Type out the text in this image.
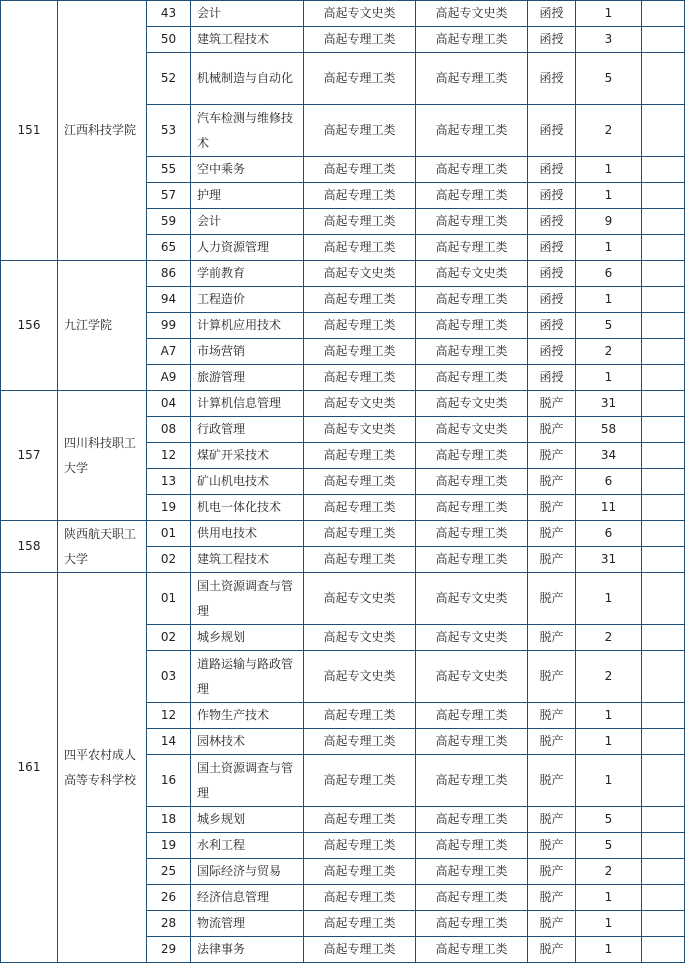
151	江西科技学院	43	会计	高起专文史类	高起专文史类	函授	1	
		50	建筑工程技术	高起专理工类	高起专理工类	函授	3	
		52	机械制造与自动化	高起专理工类	高起专理工类	函授	5	
		53	汽车检测与维修技术	高起专理工类	高起专理工类	函授	2	
		55	空中乘务	高起专理工类	高起专理工类	函授	1	
		57	护理	高起专理工类	高起专理工类	函授	1	
		59	会计	高起专理工类	高起专理工类	函授	9	
		65	人力资源管理	高起专理工类	高起专理工类	函授	1	
156	九江学院	86	学前教育	高起专文史类	高起专文史类	函授	6	
		94	工程造价	高起专理工类	高起专理工类	函授	1	
		99	计算机应用技术	高起专理工类	高起专理工类	函授	5	
		A7	市场营销	高起专理工类	高起专理工类	函授	2	
		A9	旅游管理	高起专理工类	高起专理工类	函授	1	
157	四川科技职工大学	04	计算机信息管理	高起专文史类	高起专文史类	脱产	31	
		08	行政管理	高起专文史类	高起专文史类	脱产	58	
		12	煤矿开采技术	高起专理工类	高起专理工类	脱产	34	
		13	矿山机电技术	高起专理工类	高起专理工类	脱产	6	
		19	机电一体化技术	高起专理工类	高起专理工类	脱产	11	
158	陕西航天职工大学	01	供用电技术	高起专理工类	高起专理工类	脱产	6	
		02	建筑工程技术	高起专理工类	高起专理工类	脱产	31	
161	四平农村成人高等专科学校	01	国土资源调查与管理	高起专文史类	高起专文史类	脱产	1	
		02	城乡规划	高起专文史类	高起专文史类	脱产	2	
		03	道路运输与路政管理	高起专文史类	高起专文史类	脱产	2	
		12	作物生产技术	高起专理工类	高起专理工类	脱产	1	
		14	园林技术	高起专理工类	高起专理工类	脱产	1	
		16	国土资源调查与管理	高起专理工类	高起专理工类	脱产	1	
		18	城乡规划	高起专理工类	高起专理工类	脱产	5	
		19	水利工程	高起专理工类	高起专理工类	脱产	5	
		25	国际经济与贸易	高起专理工类	高起专理工类	脱产	2	
		26	经济信息管理	高起专理工类	高起专理工类	脱产	1	
		28	物流管理	高起专理工类	高起专理工类	脱产	1	
		29	法律事务	高起专理工类	高起专理工类	脱产	1	
